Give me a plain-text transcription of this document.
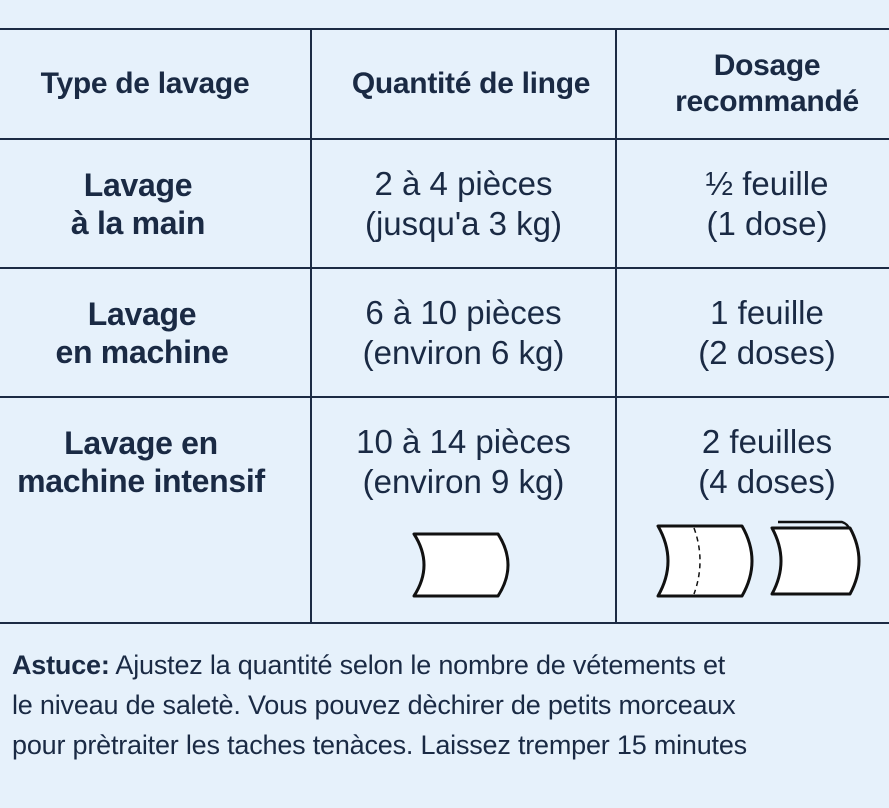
Type de lavage	Quantité de linge
Dosage
recommandé
Lavage
à la main
2 à 4 pièces
(jusqu'a 3 kg)
½ feuille
(1 dose)
Lavage
en machine
6 à 10 pièces
(environ 6 kg)
1 feuille
(2 doses)
Lavage en
machine intensif
10 à 14 pièces
(environ 9 kg)
2 feuilles
(4 doses)
Astuce: Ajustez la quantité selon le nombre de vétements et
le niveau de saletè. Vous pouvez dèchirer de petits morceaux
pour prètraiter les taches tenàces. Laissez tremper 15 minutes
